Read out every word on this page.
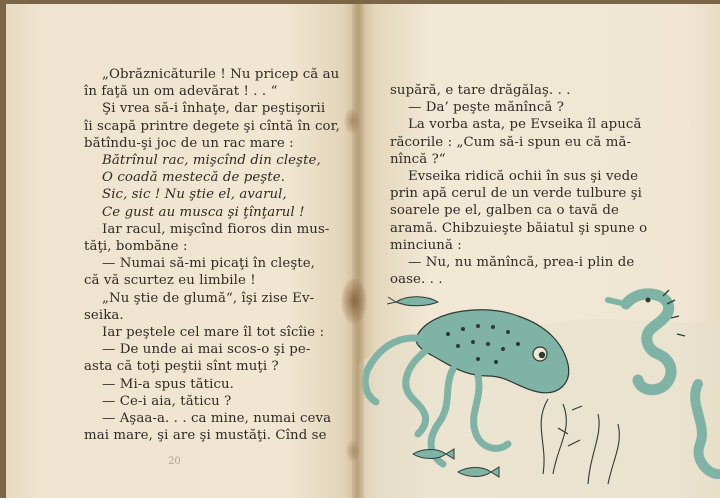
„Obrăznicăturile ! Nu pricep că au
în faţă un om adevărat ! . . “
Şi vrea să-i înhaţe, dar peştişorii
îi scapă printre degete şi cîntă în cor,
bătîndu-şi joc de un rac mare :
Bătrînul rac, mişcînd din cleşte,
O coadă mestecă de peşte.
Sic, sic ! Nu ştie el, avarul,
Ce gust au musca şi ţînţarul !
Iar racul, mişcînd fioros din mus-
tăţi, bombăne :
— Numai să-mi picaţi în cleşte,
că vă scurtez eu limbile !
„Nu ştie de glumă“, îşi zise Ev-
seika.
Iar peştele cel mare îl tot sîcîie :
— De unde ai mai scos-o şi pe-
asta că toţi peştii sînt muţi ?
— Mi-a spus tăticu.
— Ce-i aia, tăticu ?
— Aşaa-a. . . ca mine, numai ceva
mai mare, şi are şi mustăţi. Cînd se
20
supără, e tare drăgălaş. . .
— Da’ peşte mănîncă ?
La vorba asta, pe Evseika îl apucă
răcorile : „Cum să-i spun eu că mă-
nîncă ?“
Evseika ridică ochii în sus şi vede
prin apă cerul de un verde tulbure şi
soarele pe el, galben ca o tavă de
aramă. Chibzuieşte băiatul şi spune o
minciună :
— Nu, nu mănîncă, prea-i plin de
oase. . .
